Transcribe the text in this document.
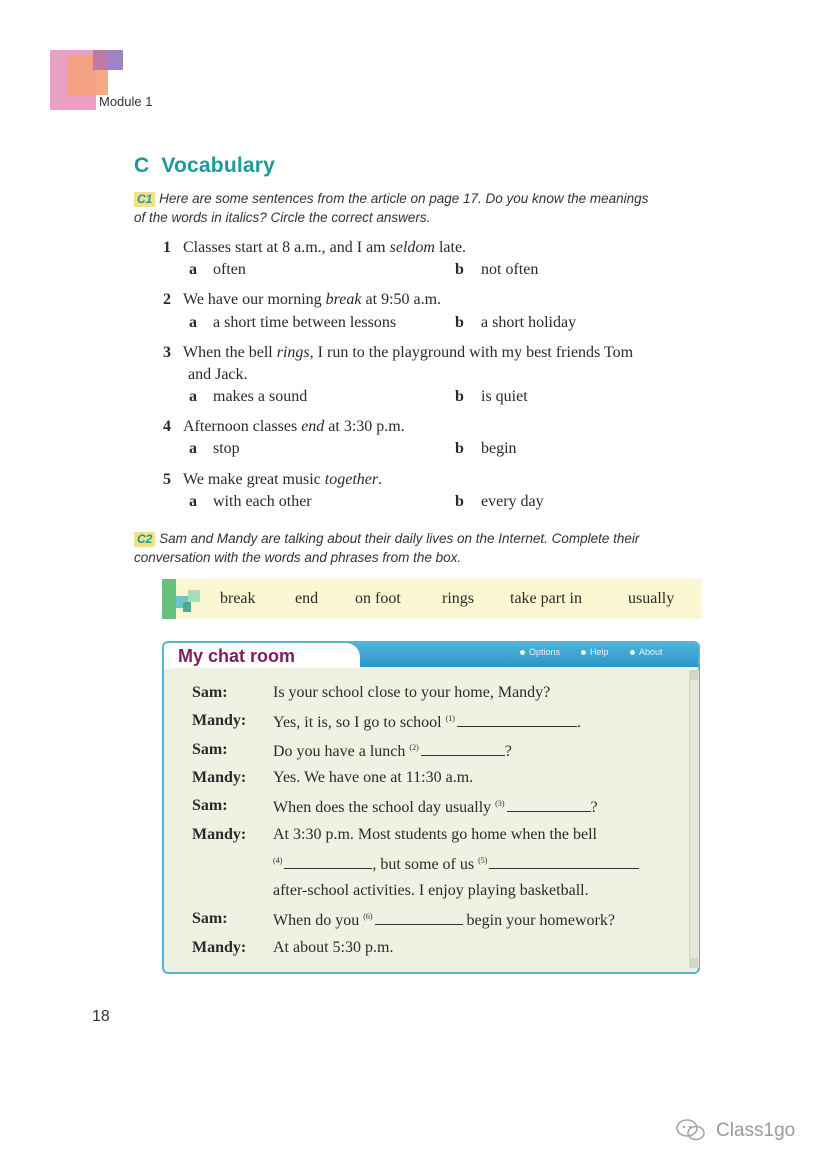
Module 1
C Vocabulary
C1 Here are some sentences from the article on page 17. Do you know the meanings
of the words in italics? Circle the correct answers.
1 Classes start at 8 a.m., and I am seldom late.
a often	b not often
2 We have our morning break at 9:50 a.m.
a a short time between lessons	b a short holiday
3 When the bell rings, I run to the playground with my best friends Tom
and Jack.
a makes a sound	b is quiet
4 Afternoon classes end at 3:30 p.m.
a stop	b begin
5 We make great music together.
a with each other	b every day
C2 Sam and Mandy are talking about their daily lives on the Internet. Complete their
conversation with the words and phrases from the box.
break end on foot	rings take part in	usually
My chat room	Options	Help	About
Sam:	Is your school close to your home, Mandy?
Mandy: Yes, it is, so I go to school $^{(1)}$	.
Sam:	Do you have a lunch $^{(2)}$	?
Mandy: Yes. We have one at 11:30 a.m.
Sam:	When does the school day usually $^{(3)}$	?
Mandy: At 3:30 p.m. Most students go home when the bell
$^{(4)}$	, but some of us $^{(5)}$
after-school activities. I enjoy playing basketball.
Sam:	When do you $^{(6)}$	begin your homework?
Mandy: At about 5:30 p.m.
18
Class1go
